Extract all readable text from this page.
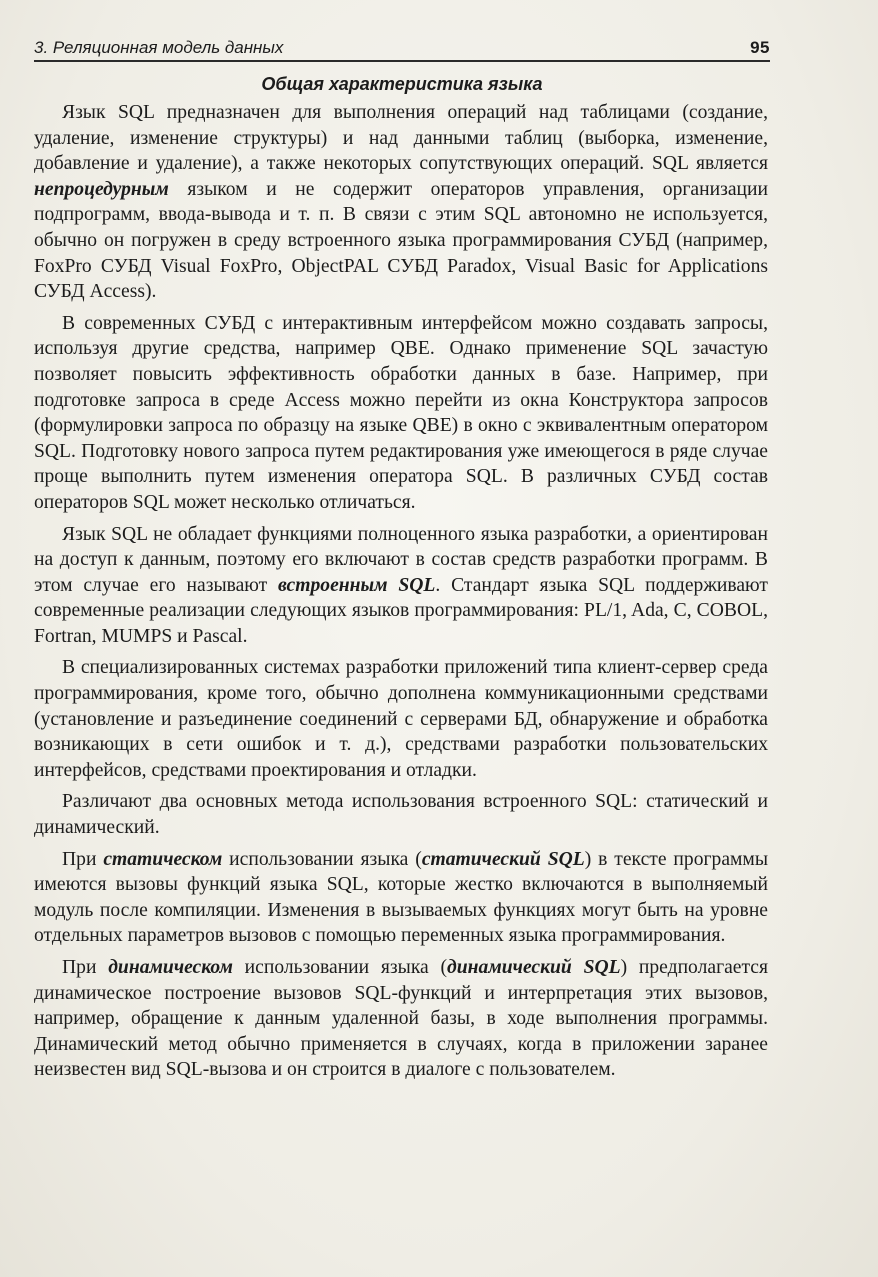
3. Реляционная модель данных	95
Общая характеристика языка

Язык SQL предназначен для выполнения операций над таблицами (создание, удаление, изменение структуры) и над данными таблиц (выборка, изменение, добавление и удаление), а также некоторых сопутствующих операций. SQL является непроцедурным языком и не содержит операторов управления, организации подпрограмм, ввода-вывода и т. п. В связи с этим SQL автономно не используется, обычно он погружен в среду встроенного языка программирования СУБД (например, FoxPro СУБД Visual FoxPro, ObjectPAL СУБД Paradox, Visual Basic for Applications СУБД Access).

В современных СУБД с интерактивным интерфейсом можно создавать запросы, используя другие средства, например QBE. Однако применение SQL зачастую позволяет повысить эффективность обработки данных в базе. Например, при подготовке запроса в среде Access можно перейти из окна Конструктора запросов (формулировки запроса по образцу на языке QBE) в окно с эквивалентным оператором SQL. Подготовку нового запроса путем редактирования уже имеющегося в ряде случае проще выполнить путем изменения оператора SQL. В различных СУБД состав операторов SQL может несколько отличаться.

Язык SQL не обладает функциями полноценного языка разработки, а ориентирован на доступ к данным, поэтому его включают в состав средств разработки программ. В этом случае его называют встроенным SQL. Стандарт языка SQL поддерживают современные реализации следующих языков программирования: PL/1, Ada, C, COBOL, Fortran, MUMPS и Pascal.

В специализированных системах разработки приложений типа клиент-сервер среда программирования, кроме того, обычно дополнена коммуникационными средствами (установление и разъединение соединений с серверами БД, обнаружение и обработка возникающих в сети ошибок и т. д.), средствами разработки пользовательских интерфейсов, средствами проектирования и отладки.

Различают два основных метода использования встроенного SQL: статический и динамический.

При статическом использовании языка (статический SQL) в тексте программы имеются вызовы функций языка SQL, которые жестко включаются в выполняемый модуль после компиляции. Изменения в вызываемых функциях могут быть на уровне отдельных параметров вызовов с помощью переменных языка программирования.

При динамическом использовании языка (динамический SQL) предполагается динамическое построение вызовов SQL-функций и интерпретация этих вызовов, например, обращение к данным удаленной базы, в ходе выполнения программы. Динамический метод обычно применяется в случаях, когда в приложении заранее неизвестен вид SQL-вызова и он строится в диалоге с пользователем.
